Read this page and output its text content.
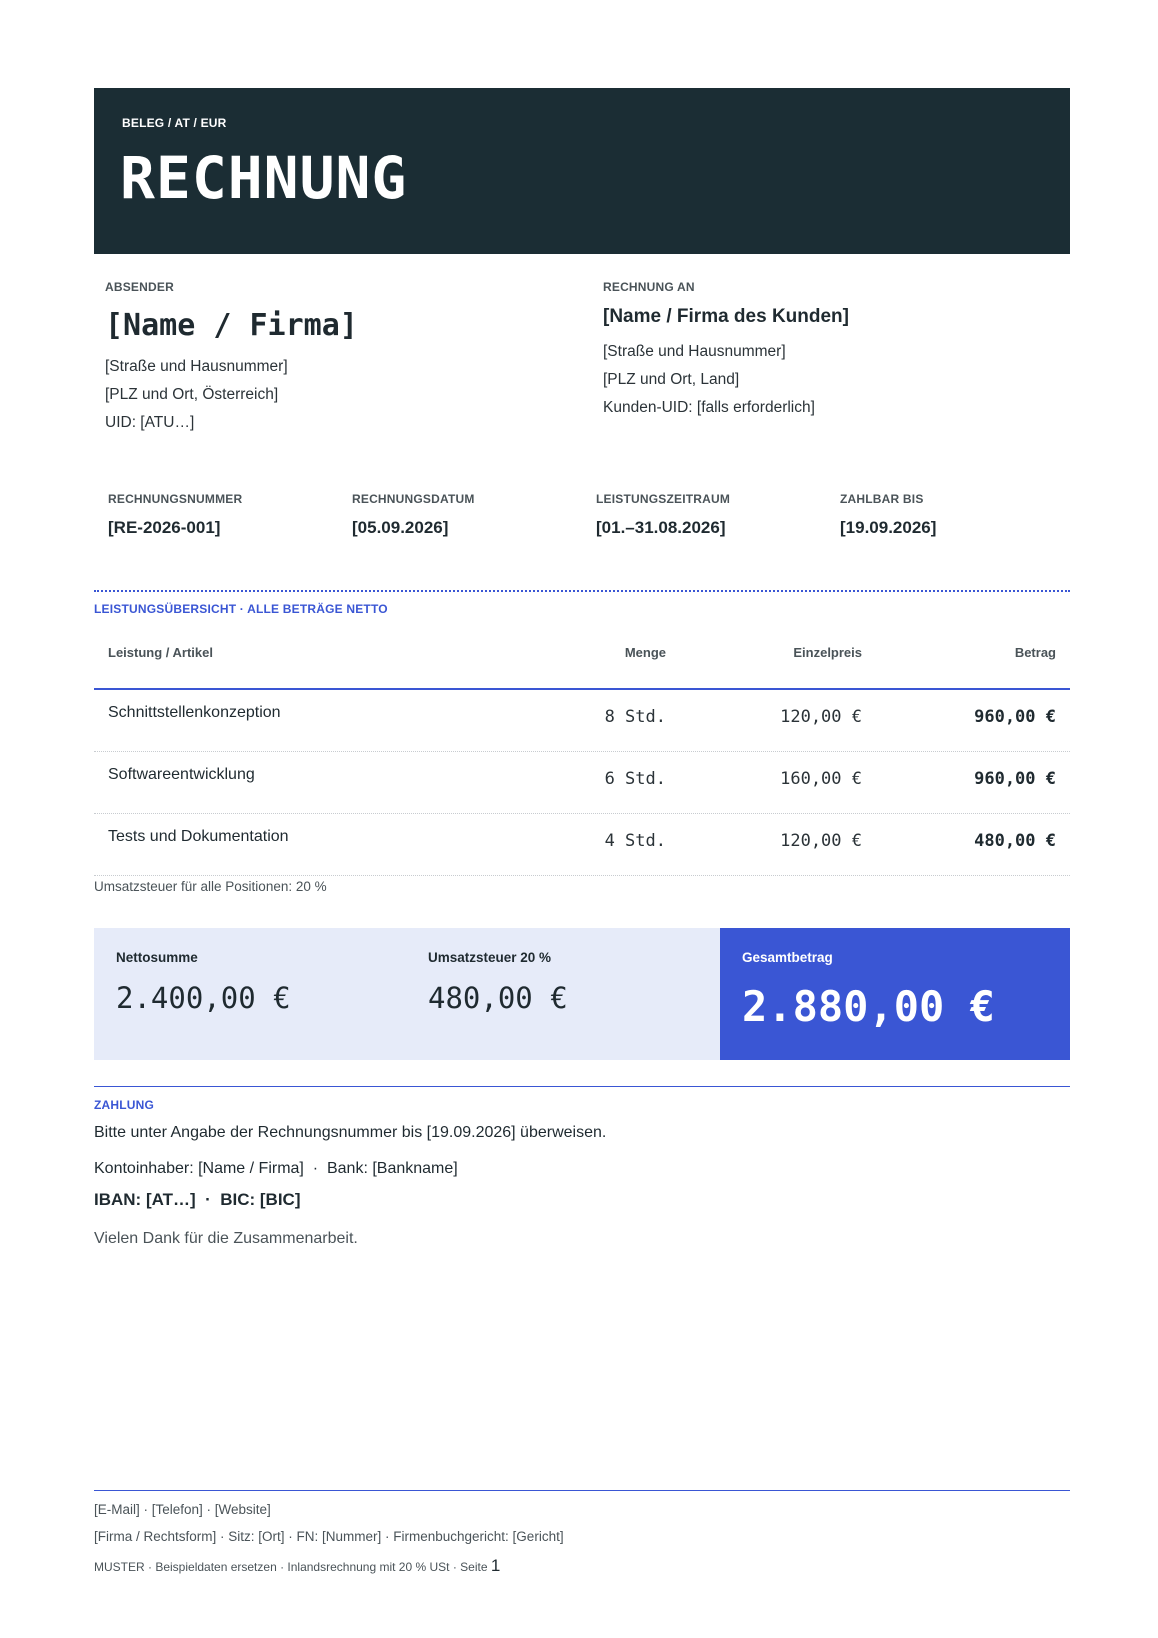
BELEG / AT / EUR
RECHNUNG
ABSENDER
[Name / Firma]
[Straße und Hausnummer]
[PLZ und Ort, Österreich]
UID: [ATU…]
RECHNUNG AN
[Name / Firma des Kunden]
[Straße und Hausnummer]
[PLZ und Ort, Land]
Kunden-UID: [falls erforderlich]
RECHNUNGSNUMMER
[RE-2026-001]
RECHNUNGSDATUM
[05.09.2026]
LEISTUNGSZEITRAUM
[01.–31.08.2026]
ZAHLBAR BIS
[19.09.2026]
LEISTUNGSÜBERSICHT · ALLE BETRÄGE NETTO
Leistung / Artikel	Menge	Einzelpreis	Betrag
Schnittstellenkonzeption	8 Std.	120,00 €	960,00 €
Softwareentwicklung	6 Std.	160,00 €	960,00 €
Tests und Dokumentation	4 Std.	120,00 €	480,00 €
Umsatzsteuer für alle Positionen: 20 %
Nettosumme
2.400,00 €
Umsatzsteuer 20 %
480,00 €
Gesamtbetrag
2.880,00 €
ZAHLUNG
Bitte unter Angabe der Rechnungsnummer bis [19.09.2026] überweisen.
Kontoinhaber: [Name / Firma]  ·  Bank: [Bankname]
IBAN: [AT…]  ·  BIC: [BIC]
Vielen Dank für die Zusammenarbeit.
[E-Mail] · [Telefon] · [Website]
[Firma / Rechtsform] · Sitz: [Ort] · FN: [Nummer] · Firmenbuchgericht: [Gericht]
MUSTER · Beispieldaten ersetzen · Inlandsrechnung mit 20 % USt · Seite 1
